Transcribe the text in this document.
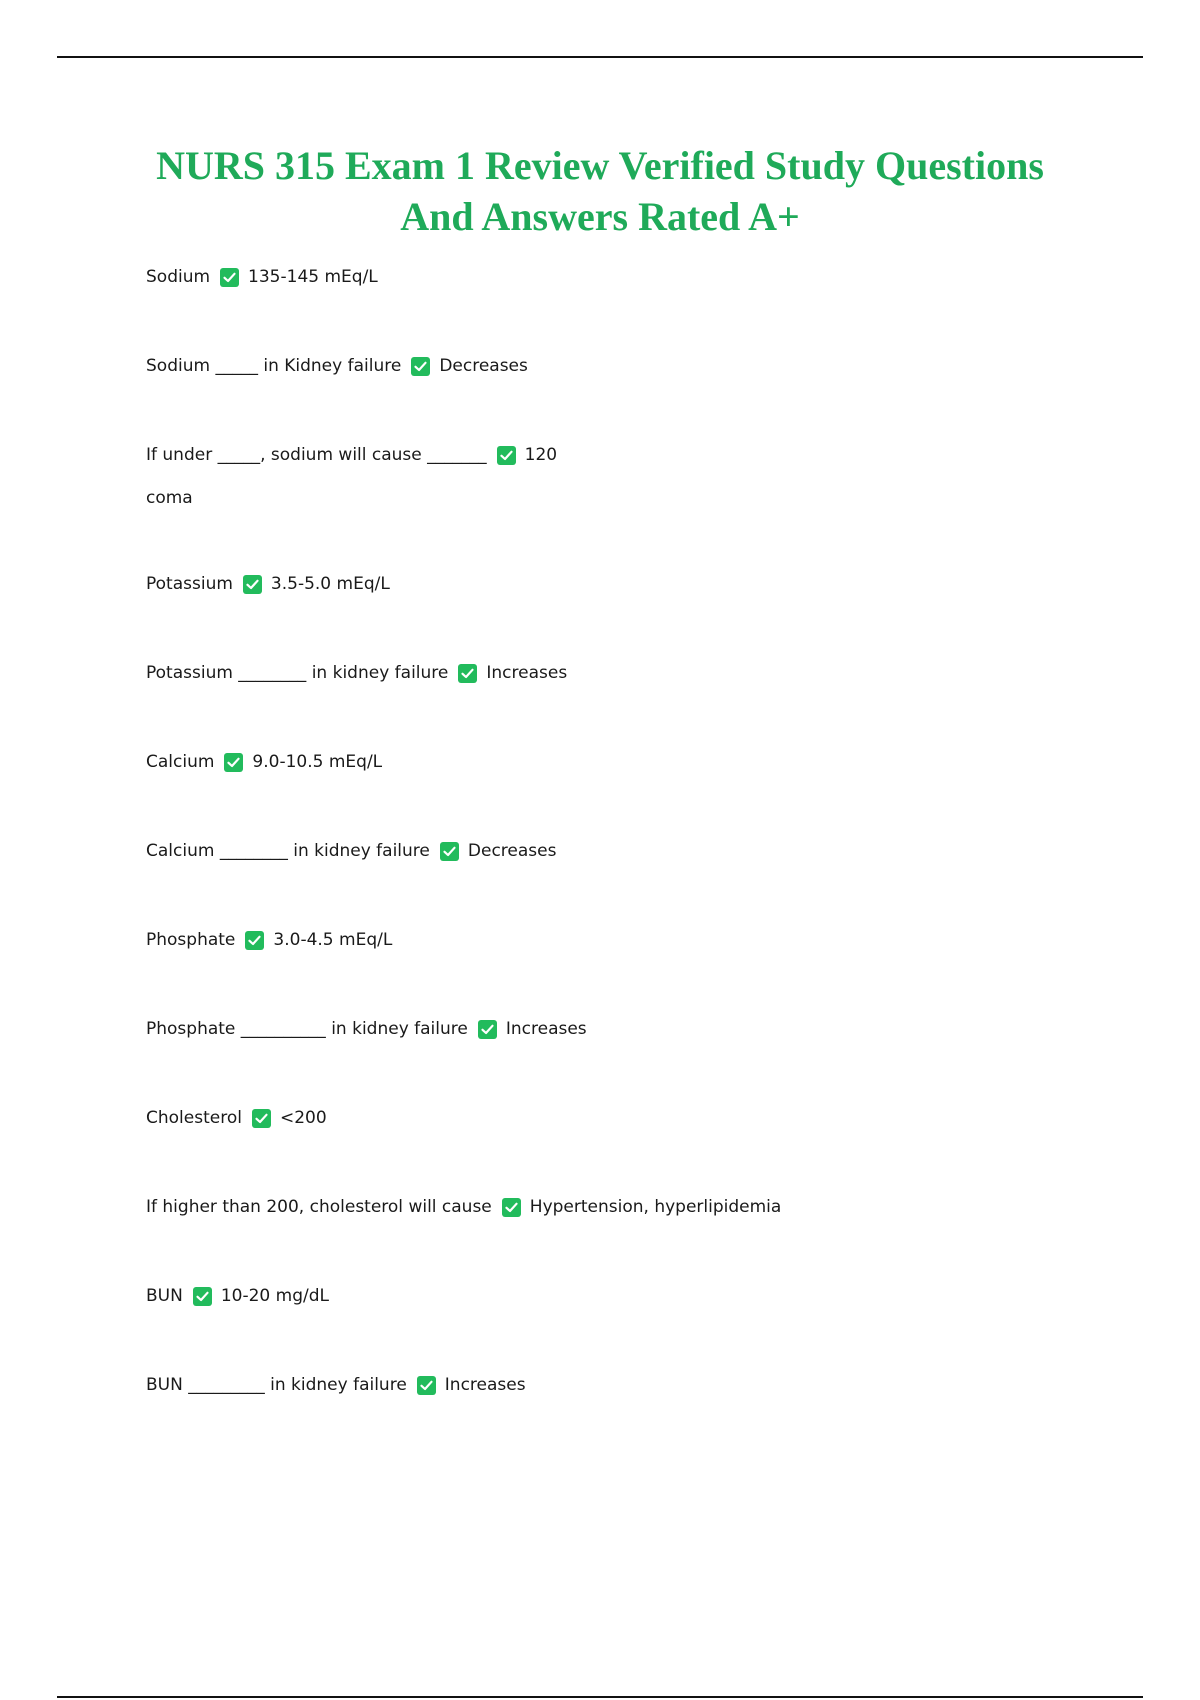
NURS 315 Exam 1 Review Verified Study Questions
And Answers Rated A+
Sodium 135-145 mEq/L
Sodium _____ in Kidney failure Decreases
If under _____, sodium will cause _______ 120
coma
Potassium 3.5-5.0 mEq/L
Potassium ________ in kidney failure Increases
Calcium 9.0-10.5 mEq/L
Calcium ________ in kidney failure Decreases
Phosphate 3.0-4.5 mEq/L
Phosphate __________ in kidney failure Increases
Cholesterol <200
If higher than 200, cholesterol will cause Hypertension, hyperlipidemia
BUN 10-20 mg/dL
BUN _________ in kidney failure Increases
